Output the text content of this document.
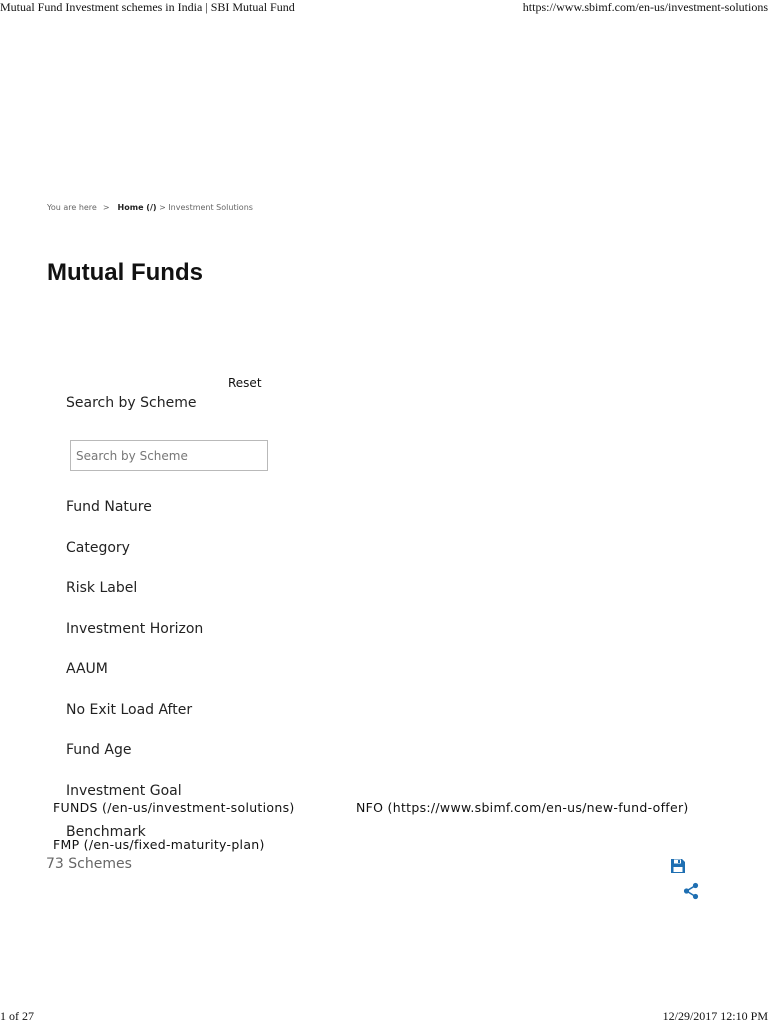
Mutual Fund Investment schemes in India | SBI Mutual Fund	https://www.sbimf.com/en-us/investment-solutions
You are here > Home (/) > Investment Solutions
Mutual Funds
Reset
Search by Scheme
Search by Scheme
Fund Nature
Category
Risk Label
Investment Horizon
AAUM
No Exit Load After
Fund Age
Investment Goal
Benchmark
FUNDS (/en-us/investment-solutions)	NFO (https://www.sbimf.com/en-us/new-fund-offer)
FMP (/en-us/fixed-maturity-plan)
73 Schemes
1 of 27	12/29/2017 12:10 PM
